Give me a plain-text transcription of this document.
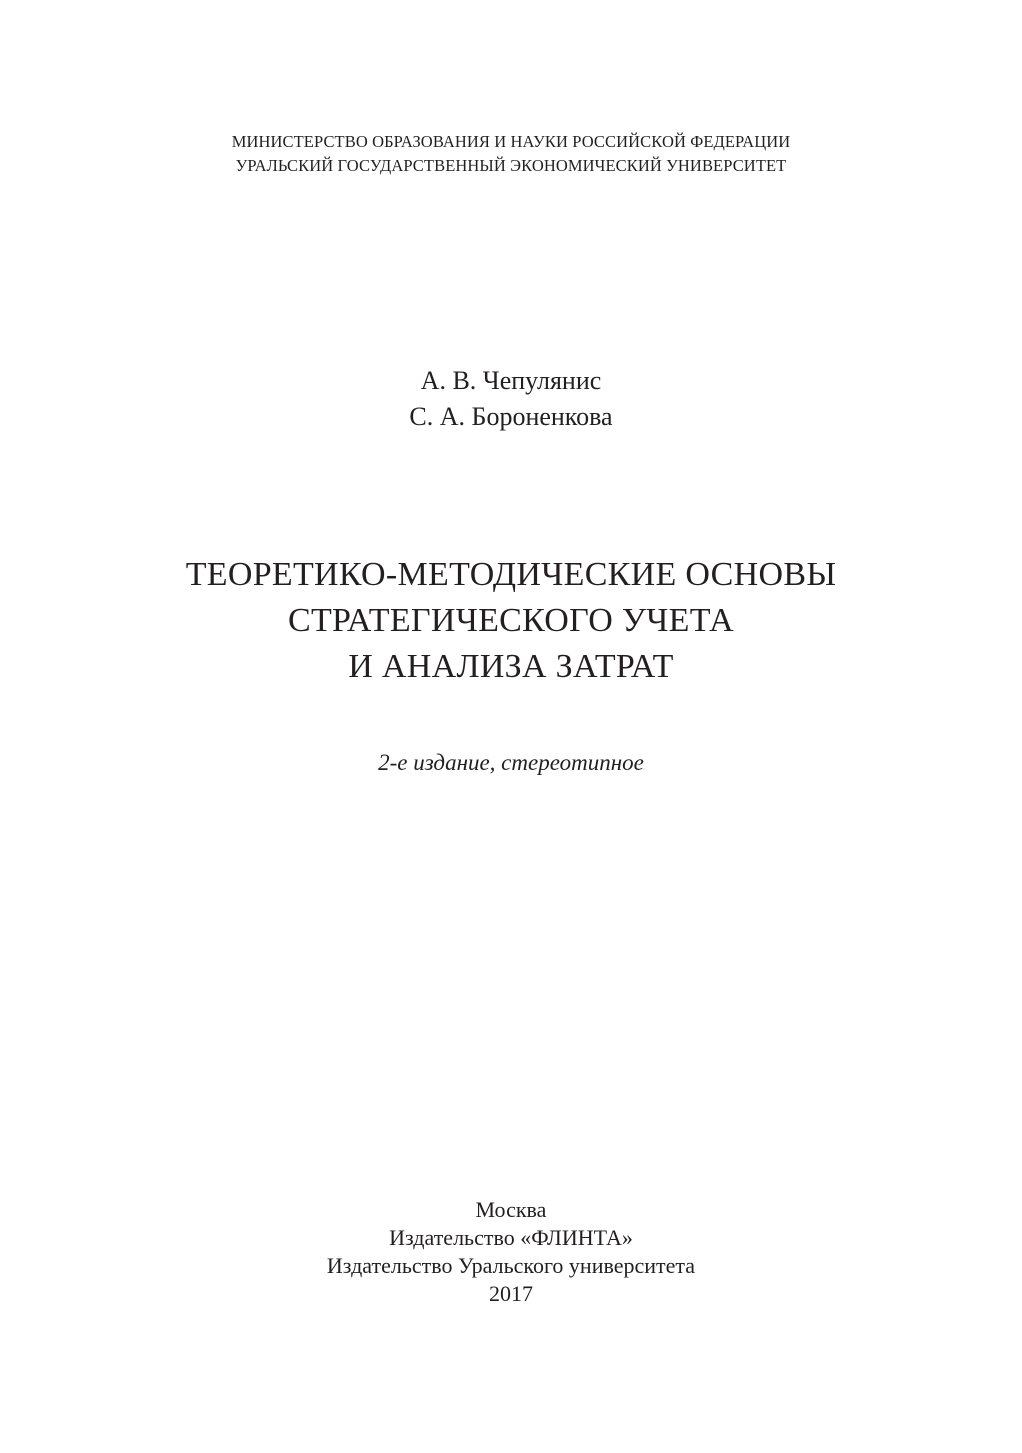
МИНИСТЕРСТВО ОБРАЗОВАНИЯ И НАУКИ РОССИЙСКОЙ ФЕДЕРАЦИИ
УРАЛЬСКИЙ ГОСУДАРСТВЕННЫЙ ЭКОНОМИЧЕСКИЙ УНИВЕРСИТЕТ
А. В. Чепулянис
С. А. Бороненкова
ТЕОРЕТИКО-МЕТОДИЧЕСКИЕ ОСНОВЫ
СТРАТЕГИЧЕСКОГО УЧЕТА
И АНАЛИЗА ЗАТРАТ
2-е издание, стереотипное
Москва
Издательство «ФЛИНТА»
Издательство Уральского университета
2017
